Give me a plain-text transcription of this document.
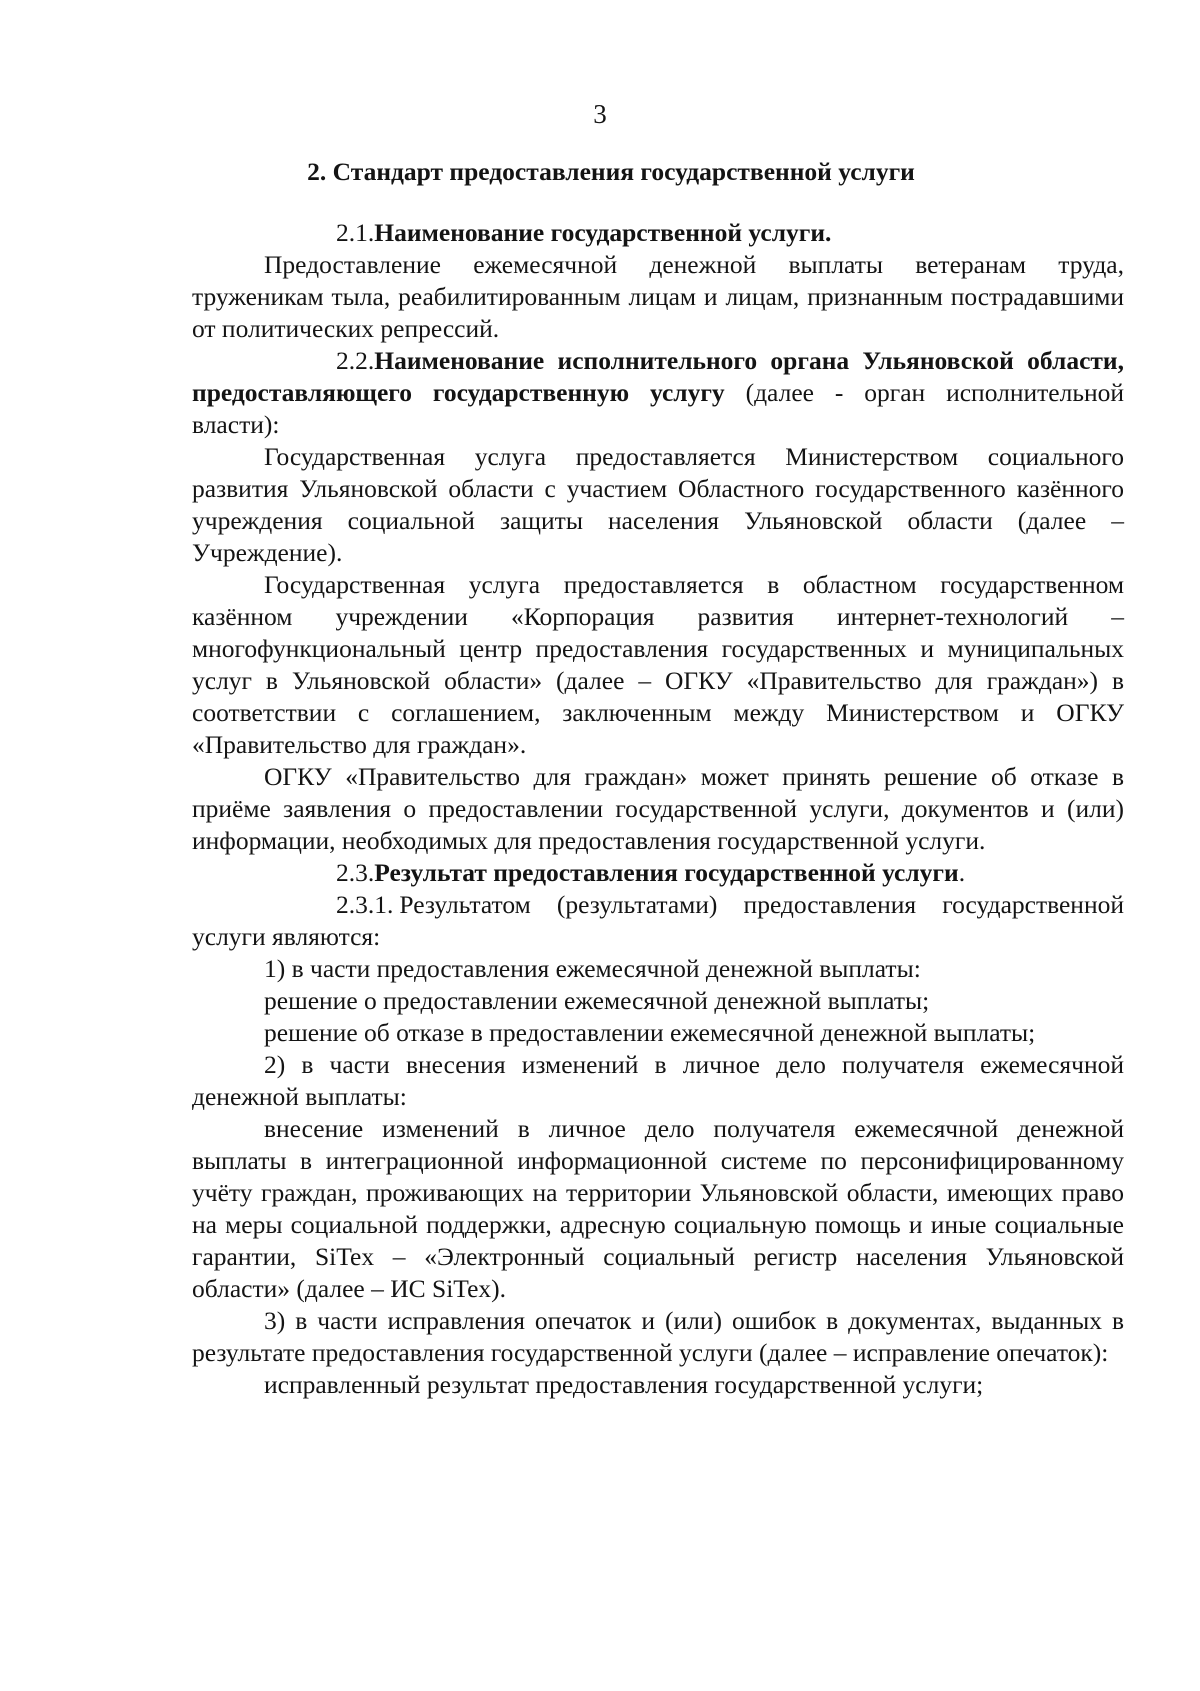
3
2. Стандарт предоставления государственной услуги

2.1.Наименование государственной услуги.

Предоставление ежемесячной денежной выплаты ветеранам труда, труженикам тыла, реабилитированным лицам и лицам, признанным пострадавшими от политических репрессий.

2.2.Наименование исполнительного органа Ульяновской области, предоставляющего государственную услугу (далее - орган исполнительной власти):

Государственная услуга предоставляется Министерством социального развития Ульяновской области с участием Областного государственного казённого учреждения социальной защиты населения Ульяновской области (далее – Учреждение).

Государственная услуга предоставляется в областном государственном казённом учреждении «Корпорация развития интернет-технологий – многофункциональный центр предоставления государственных и муниципальных услуг в Ульяновской области» (далее – ОГКУ «Правительство для граждан») в соответствии с соглашением, заключенным между Министерством и ОГКУ «Правительство для граждан».

ОГКУ «Правительство для граждан» может принять решение об отказе в приёме заявления о предоставлении государственной услуги, документов и (или) информации, необходимых для предоставления государственной услуги.

2.3.Результат предоставления государственной услуги.

2.3.1. Результатом (результатами) предоставления государственной услуги являются:

1) в части предоставления ежемесячной денежной выплаты:

решение о предоставлении ежемесячной денежной выплаты;

решение об отказе в предоставлении ежемесячной денежной выплаты;

2) в части внесения изменений в личное дело получателя ежемесячной денежной выплаты:

внесение изменений в личное дело получателя ежемесячной денежной выплаты в интеграционной информационной системе по персонифицированному учёту граждан, проживающих на территории Ульяновской области, имеющих право на меры социальной поддержки, адресную социальную помощь и иные социальные гарантии, SiTex – «Электронный социальный регистр населения Ульяновской области» (далее – ИС SiTex).

3) в части исправления опечаток и (или) ошибок в документах, выданных в результате предоставления государственной услуги (далее – исправление опечаток):

исправленный результат предоставления государственной услуги;
